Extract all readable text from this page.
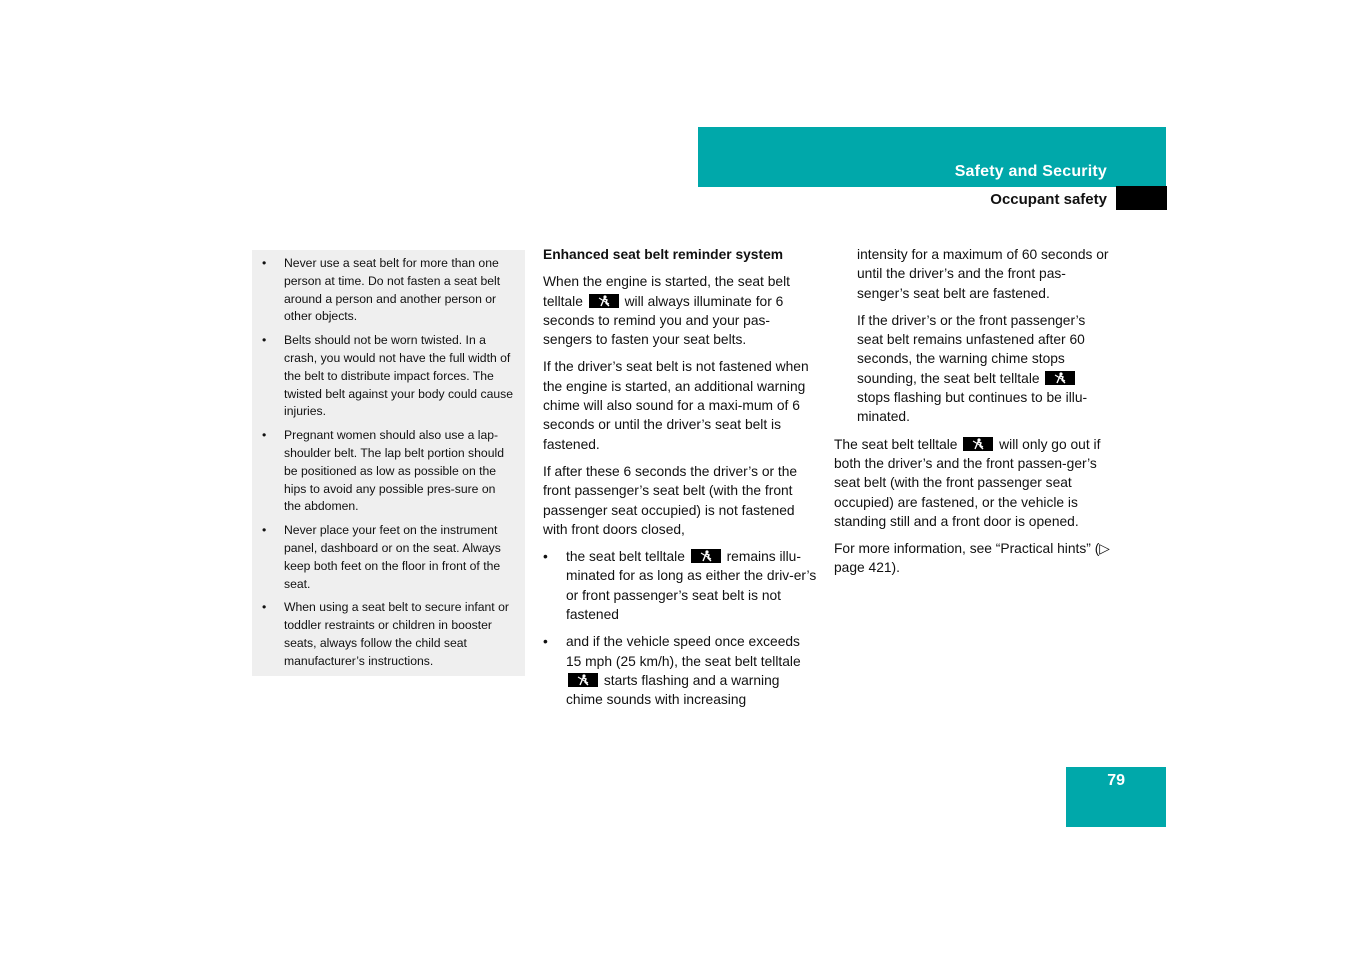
Safety and Security
Occupant safety
• Never use a seat belt for more than one person at time. Do not fasten a seat belt around a person and another person or other objects.
• Belts should not be worn twisted. In a crash, you would not have the full width of the belt to distribute impact forces. The twisted belt against your body could cause injuries.
• Pregnant women should also use a lap-shoulder belt. The lap belt portion should be positioned as low as possible on the hips to avoid any possible pres-sure on the abdomen.
• Never place your feet on the instrument panel, dashboard or on the seat. Always keep both feet on the floor in front of the seat.
• When using a seat belt to secure infant or toddler restraints or children in booster seats, always follow the child seat manufacturer’s instructions.
Enhanced seat belt reminder system

When the engine is started, the seat belt telltale	will always illuminate for 6 seconds to remind you and your pas-sengers to fasten your seat belts.

If the driver’s seat belt is not fastened when the engine is started, an additional warning chime will also sound for a maxi-mum of 6 seconds or until the driver’s seat belt is fastened.

If after these 6 seconds the driver’s or the front passenger’s seat belt (with the front passenger seat occupied) is not fastened with front doors closed,

• the seat belt telltale	remains illu-minated for as long as either the driv-er’s or front passenger’s seat belt is not fastened
• and if the vehicle speed once exceeds 15 mph (25 km/h), the seat belt telltale
starts flashing and a warning chime sounds with increasing

intensity for a maximum of 60 seconds or until the driver’s and the front pas-senger’s seat belt are fastened.

If the driver’s or the front passenger’s seat belt remains unfastened after 60 seconds, the warning chime stops sounding, the seat belt telltale
stops flashing but continues to be illu-minated.

The seat belt telltale	will only go out if both the driver’s and the front passen-ger’s seat belt (with the front passenger seat occupied) are fastened, or the vehicle is standing still and a front door is opened.

For more information, see “Practical hints” (▷ page 421).

79
